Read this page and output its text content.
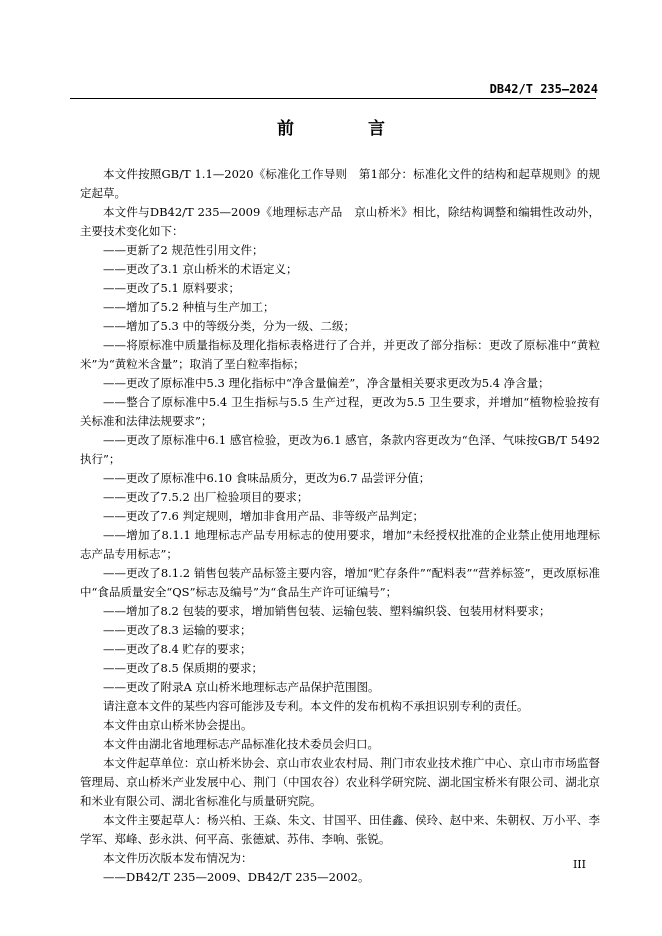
DB42/T 235—2024
前 言

本文件按照GB/T 1.1—2020《标准化工作导则　第1部分：标准化文件的结构和起草规则》的规定起草。

本文件与DB42/T 235—2009《地理标志产品　京山桥米》相比，除结构调整和编辑性改动外，主要技术变化如下：

——更新了2 规范性引用文件；

——更改了3.1 京山桥米的术语定义；

——更改了5.1 原料要求；

——增加了5.2 种植与生产加工；

——增加了5.3 中的等级分类，分为一级、二级；

——将原标准中质量指标及理化指标表格进行了合并，并更改了部分指标：更改了原标准中“黄粒米”为“黄粒米含量”；取消了垩白粒率指标；

——更改了原标准中5.3 理化指标中“净含量偏差”，净含量相关要求更改为5.4 净含量；

——整合了原标准中5.4 卫生指标与5.5 生产过程，更改为5.5 卫生要求，并增加“植物检验按有关标准和法律法规要求”；

——更改了原标准中6.1 感官检验，更改为6.1 感官，条款内容更改为“色泽、气味按GB/T 5492执行”；

——更改了原标准中6.10 食味品质分，更改为6.7 品尝评分值；

——更改了7.5.2 出厂检验项目的要求；

——更改了7.6 判定规则，增加非食用产品、非等级产品判定；

——增加了8.1.1 地理标志产品专用标志的使用要求，增加“未经授权批准的企业禁止使用地理标志产品专用标志”；

——更改了8.1.2 销售包装产品标签主要内容，增加“贮存条件”“配料表”“营养标签”，更改原标准中“食品质量安全“QS”标志及编号”为“食品生产许可证编号”；

——增加了8.2 包装的要求，增加销售包装、运输包装、塑料编织袋、包装用材料要求；

——更改了8.3 运输的要求；

——更改了8.4 贮存的要求；

——更改了8.5 保质期的要求；

——更改了附录A 京山桥米地理标志产品保护范围图。

请注意本文件的某些内容可能涉及专利。本文件的发布机构不承担识别专利的责任。

本文件由京山桥米协会提出。

本文件由湖北省地理标志产品标准化技术委员会归口。

本文件起草单位：京山桥米协会、京山市农业农村局、荆门市农业技术推广中心、京山市市场监督管理局、京山桥米产业发展中心、荆门（中国农谷）农业科学研究院、湖北国宝桥米有限公司、湖北京和米业有限公司、湖北省标准化与质量研究院。

本文件主要起草人：杨兴柏、王焱、朱文、甘国平、田佳鑫、侯玲、赵中来、朱朝权、万小平、李学军、郑峰、彭永洪、何平高、张德斌、苏伟、李响、张锐。

本文件历次版本发布情况为：

——DB42/T 235—2009、DB42/T 235—2002。

III
